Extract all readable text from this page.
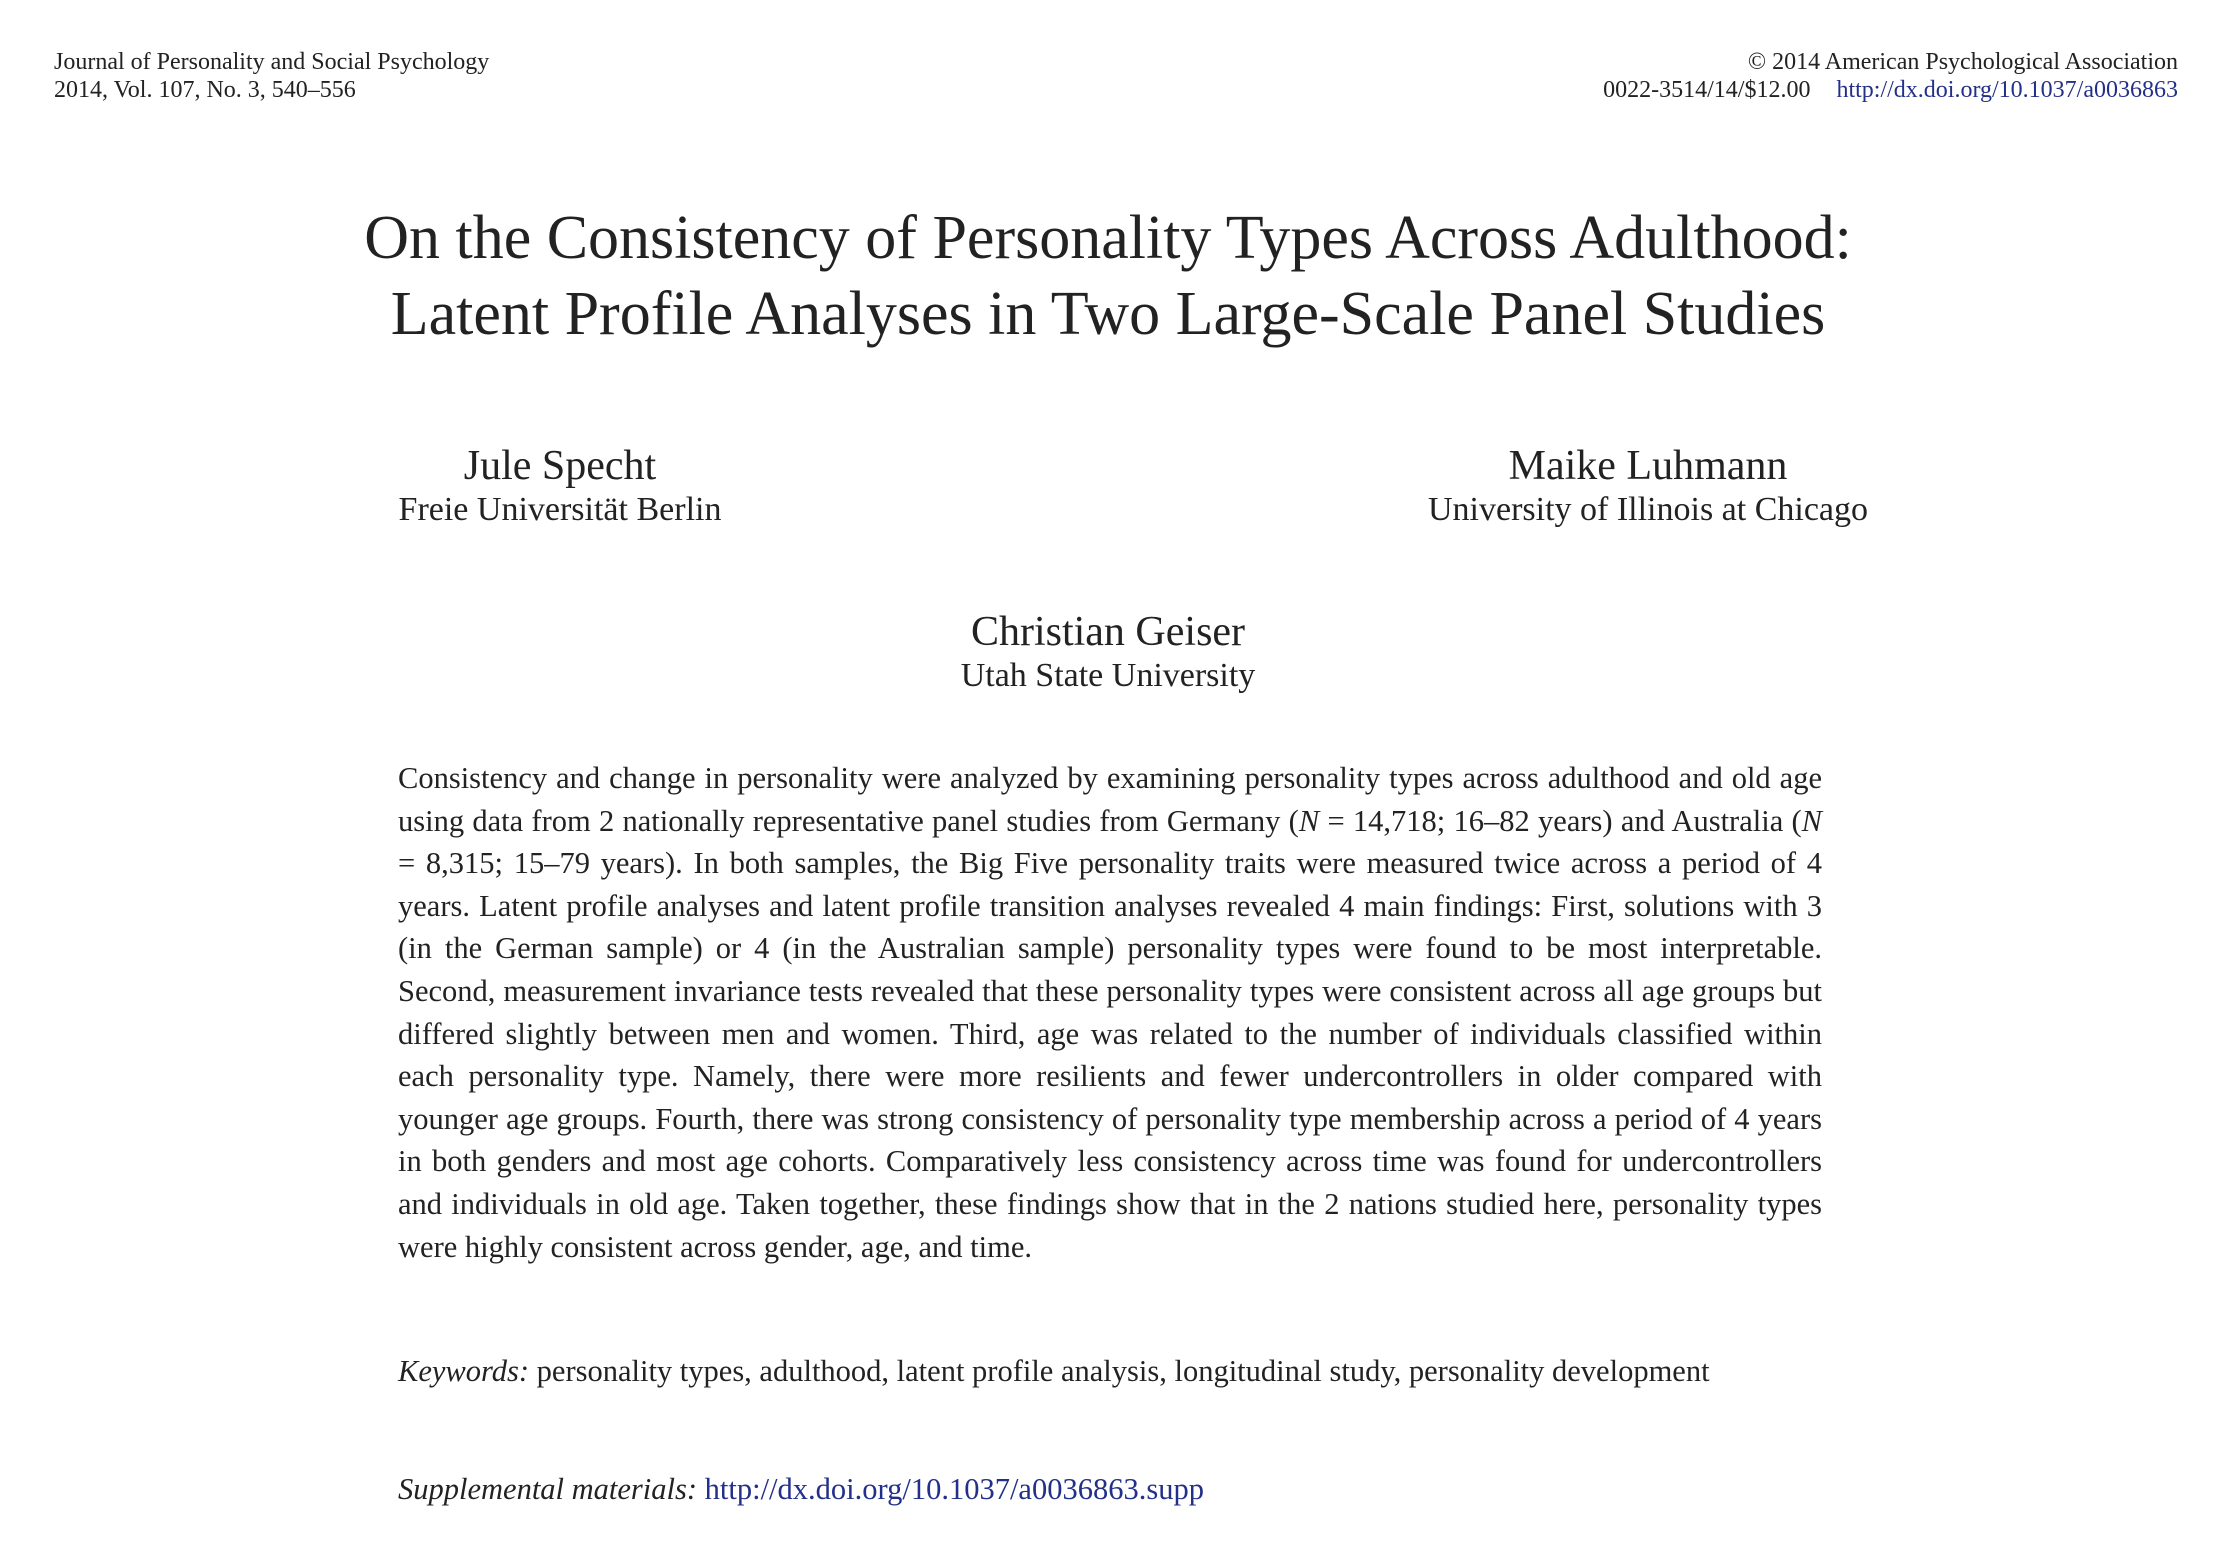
Journal of Personality and Social Psychology
2014, Vol. 107, No. 3, 540–556
© 2014 American Psychological Association
0022-3514/14/$12.00 http://dx.doi.org/10.1037/a0036863
On the Consistency of Personality Types Across Adulthood:
Latent Profile Analyses in Two Large-Scale Panel Studies
Jule Specht
Freie Universität Berlin
Maike Luhmann
University of Illinois at Chicago
Christian Geiser
Utah State University

Consistency and change in personality were analyzed by examining personality types across adulthood and old age using data from 2 nationally representative panel studies from Germany (N = 14,718; 16–82 years) and Australia (N = 8,315; 15–79 years). In both samples, the Big Five personality traits were measured twice across a period of 4 years. Latent profile analyses and latent profile transition analyses revealed 4 main findings: First, solutions with 3 (in the German sample) or 4 (in the Australian sample) personality types were found to be most interpretable. Second, measurement invariance tests revealed that these personality types were consistent across all age groups but differed slightly between men and women. Third, age was related to the number of individuals classified within each personality type. Namely, there were more resilients and fewer undercontrollers in older compared with younger age groups. Fourth, there was strong consistency of personality type membership across a period of 4 years in both genders and most age cohorts. Comparatively less consistency across time was found for undercontrollers and individuals in old age. Taken together, these findings show that in the 2 nations studied here, personality types were highly consistent across gender, age, and time.

Keywords: personality types, adulthood, latent profile analysis, longitudinal study, personality development

Supplemental materials: http://dx.doi.org/10.1037/a0036863.supp
